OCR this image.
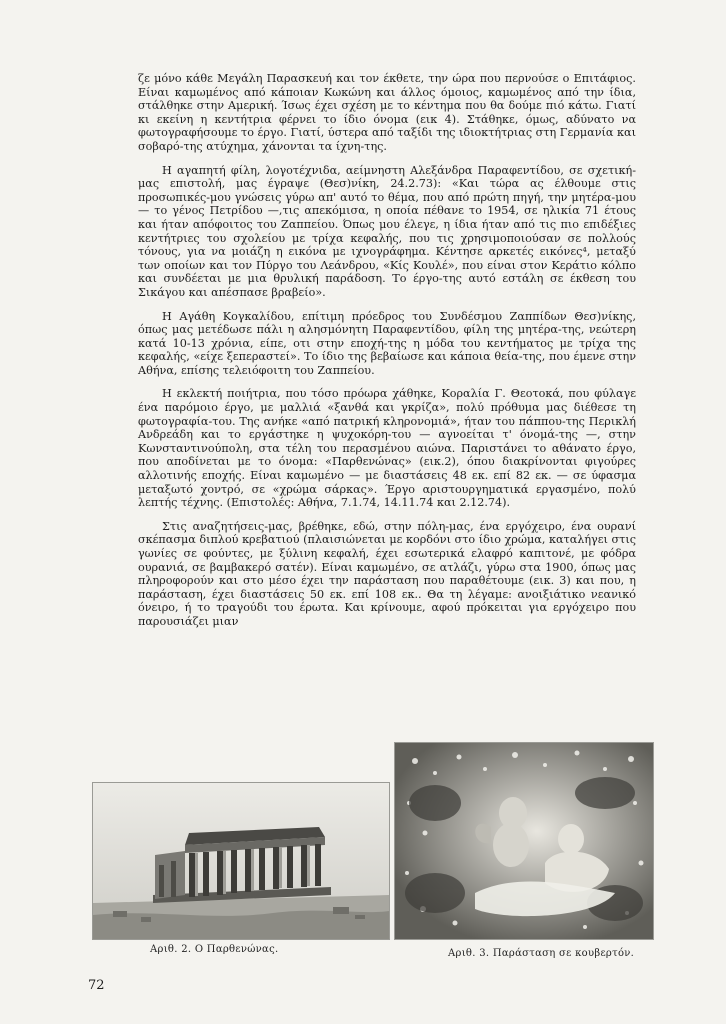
ζε μόνο κάθε Μεγάλη Παρασκευή και τον έκθετε, την ώρα που περνούσε ο Επιτάφιος. Είναι καμωμένος από κάποιαν Κωκώνη και άλλος όμοιος, καμωμένος από την ίδια, στάλθηκε στην Αμερική. Ίσως έχει σχέση με το κέντημα που θα δούμε πιό κάτω. Γιατί κι εκείνη η κεντήτρια φέρνει το ίδιο όνομα (εικ 4). Στάθηκε, όμως, αδύνατο να φωτογραφήσουμε το έργο. Γιατί, ύστερα από ταξίδι της ιδιοκτήτριας στη Γερμανία και σοβαρό-της ατύχημα, χάνονται τα ίχνη-της.

Η αγαπητή φίλη, λογοτέχνιδα, αείμνηστη Αλεξάνδρα Παραφεντίδου, σε σχετική-μας επιστολή, μας έγραψε (Θεσ)νίκη, 24.2.73): «Και τώρα ας έλθουμε στις προσωπικές-μου γνώσεις γύρω απ' αυτό το θέμα, που από πρώτη πηγή, την μητέρα-μου — το γένος Πετρίδου —,τις απεκόμισα, η οποία πέθανε το 1954, σε ηλικία 71 έτους και ήταν απόφοιτος του Ζαππείου. Όπως μου έλεγε, η ίδια ήταν από τις πιο επιδέξιες κεντήτριες του σχολείου με τρίχα κεφαλής, που τις χρησιμοποιούσαν σε πολλούς τόνους, για να μοιάζη η εικόνα με ιχνογράφημα. Κέντησε αρκετές εικόνες⁴, μεταξύ των οποίων και τον Πύργο του Λεάνδρου, «Κίς Κουλέ», που είναι στον Κεράτιο κόλπο και συνδέεται με μια θρυλική παράδοση. Το έργο-της αυτό εστάλη σε έκθεση του Σικάγου και απέσπασε βραβείο».

Η Αγάθη Κογκαλίδου, επίτιμη πρόεδρος του Συνδέσμου Ζαππίδων Θεσ)νίκης, όπως μας μετέδωσε πάλι η αλησμόνητη Παραφεντίδου, φίλη της μητέρα-της, νεώτερη κατά 10-13 χρόνια, είπε, οτι στην εποχή-της η μόδα του κεντήματος με τρίχα της κεφαλής, «είχε ξεπεραστεί». Το ίδιο της βεβαίωσε και κάποια θεία-της, που έμενε στην Αθήνα, επίσης τελειόφοιτη του Ζαππείου.

Η εκλεκτή ποιήτρια, που τόσο πρόωρα χάθηκε, Κοραλία Γ. Θεοτοκά, που φύλαγε ένα παρόμοιο έργο, με μαλλιά «ξανθά και γκρίζα», πολύ πρόθυμα μας διέθεσε τη φωτογραφία-του. Της ανήκε «από πατρική κληρονομιά», ήταν του πάππου-της Περικλή Ανδρεάδη και το εργάστηκε η ψυχοκόρη-του — αγνοείται τ' όνομά-της —, στην Κωνσταντινούπολη, στα τέλη του περασμένου αιώνα. Παριστάνει το αθάνατο έργο, που αποδίνεται με το όνομα: «Παρθενώνας» (εικ.2), όπου διακρίνονται φιγούρες αλλοτινής εποχής. Είναι καμωμένο — με διαστάσεις 48 εκ. επί 82 εκ. — σε ύφασμα μεταξωτό χοντρό, σε «χρώμα σάρκας». Έργο αριστουργηματικά εργασμένο, πολύ λεπτής τέχνης. (Επιστολές: Αθήνα, 7.1.74, 14.11.74 και 2.12.74).

Στις αναζητήσεις-μας, βρέθηκε, εδώ, στην πόλη-μας, ένα εργόχειρο, ένα ουρανί σκέπασμα διπλού κρεβατιού (πλαισιώνεται με κορδόνι στο ίδιο χρώμα, καταλήγει στις γωνίες σε φούντες, με ξύλινη κεφαλή, έχει εσωτερικά ελαφρό καπιτονέ, με φόδρα ουρανιά, σε βαμβακερό σατέν). Είναι καμωμένο, σε ατλάζι, γύρω στα 1900, όπως μας πληροφορούν και στο μέσο έχει την παράσταση που παραθέτουμε (εικ. 3) και που, η παράσταση, έχει διαστάσεις 50 εκ. επί 108 εκ.. Θα τη λέγαμε: ανοιξιάτικο νεανικό όνειρο, ή το τραγούδι του έρωτα. Και κρίνουμε, αφού πρόκειται για εργόχειρο που παρουσιάζει μιαν

Αριθ. 2. Ο Παρθενώνας.	Αριθ. 3. Παράσταση σε κουβερτόν.
72
